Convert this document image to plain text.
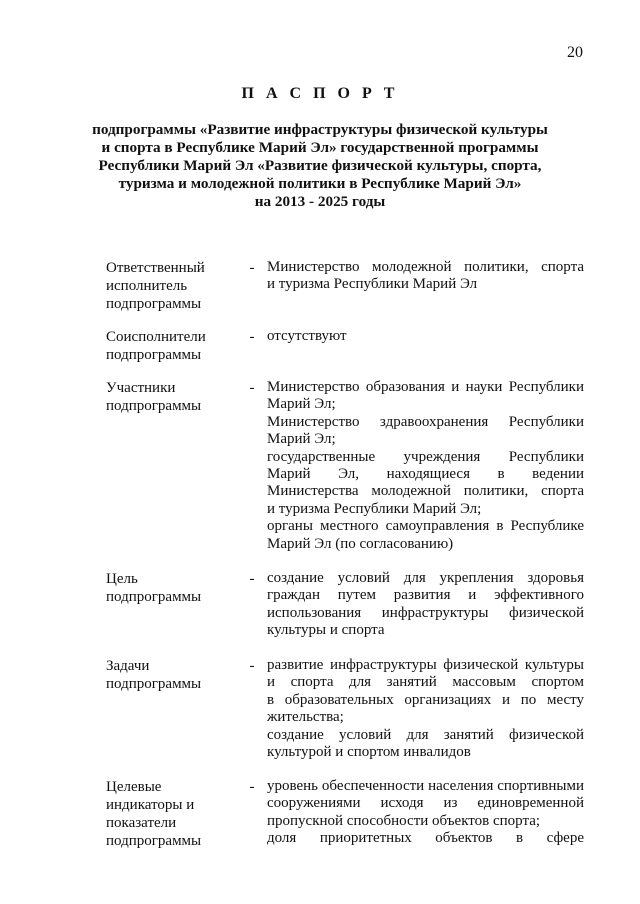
20
П А С П О Р Т
подпрограммы «Развитие инфраструктуры физической культуры
и спорта в Республике Марий Эл» государственной программы
Республики Марий Эл «Развитие физической культуры, спорта,
туризма и молодежной политики в Республике Марий Эл»
на 2013 - 2025 годы
Ответственный
исполнитель
подпрограммы
- Министерство молодежной политики, спорта
и туризма Республики Марий Эл
Соисполнители
подпрограммы
- отсутствуют
Участники
подпрограммы
- Министерство образования и науки Республики
Марий Эл;
Министерство здравоохранения Республики
Марий Эл;
государственные учреждения Республики
Марий Эл, находящиеся в ведении
Министерства молодежной политики, спорта
и туризма Республики Марий Эл;
органы местного самоуправления в Республике
Марий Эл (по согласованию)
Цель
подпрограммы
- создание условий для укрепления здоровья
граждан путем развития и эффективного
использования инфраструктуры физической
культуры и спорта
Задачи
подпрограммы
- развитие инфраструктуры физической культуры
и спорта для занятий массовым спортом
в образовательных организациях и по месту
жительства;
создание условий для занятий физической
культурой и спортом инвалидов
Целевые
индикаторы и
показатели
подпрограммы
- уровень обеспеченности населения спортивными
сооружениями исходя из единовременной
пропускной способности объектов спорта;
доля приоритетных объектов в сфере
